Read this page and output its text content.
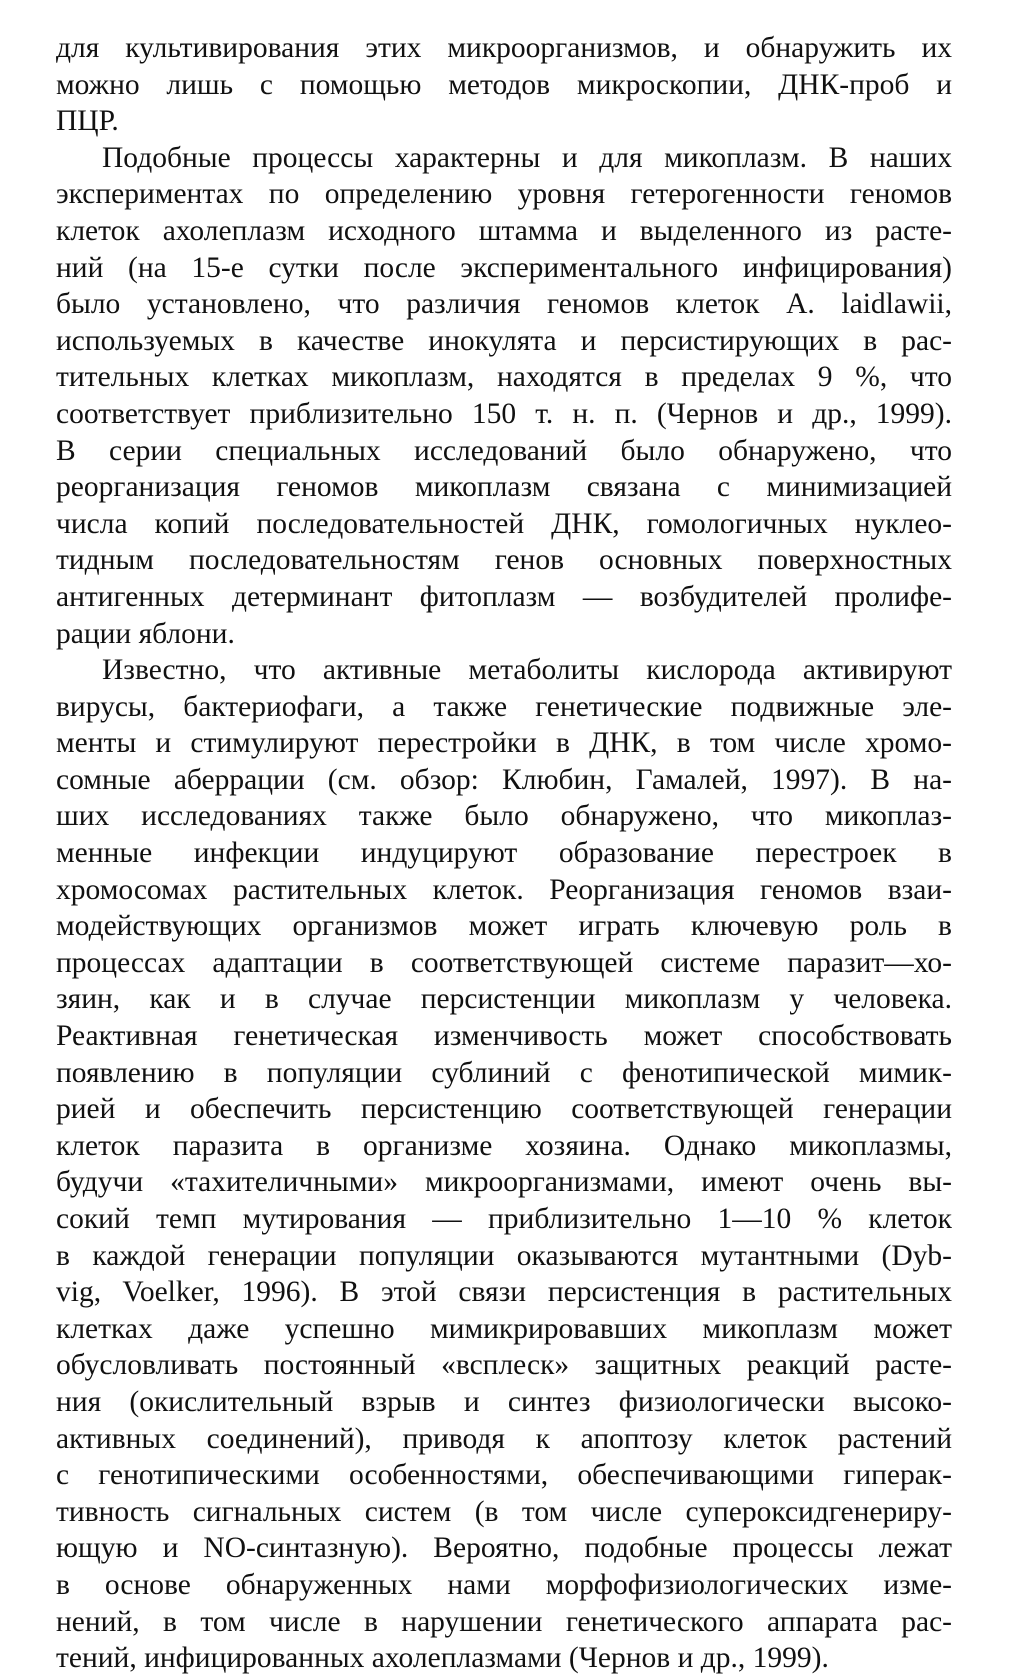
для культивирования этих микроорганизмов, и обнаружить их
можно лишь с помощью методов микроскопии, ДНК-проб и
ПЦР.
Подобные процессы характерны и для микоплазм. В наших
экспериментах по определению уровня гетерогенности геномов
клеток ахолеплазм исходного штамма и выделенного из расте-
ний (на 15-е сутки после экспериментального инфицирования)
было установлено, что различия геномов клеток A. laidlawii,
используемых в качестве инокулята и персистирующих в рас-
тительных клетках микоплазм, находятся в пределах 9 %, что
соответствует приблизительно 150 т. н. п. (Чернов и др., 1999).
В серии специальных исследований было обнаружено, что
реорганизация геномов микоплазм связана с минимизацией
числа копий последовательностей ДНК, гомологичных нуклео-
тидным последовательностям генов основных поверхностных
антигенных детерминант фитоплазм — возбудителей пролифе-
рации яблони.
Известно, что активные метаболиты кислорода активируют
вирусы, бактериофаги, а также генетические подвижные эле-
менты и стимулируют перестройки в ДНК, в том числе хромо-
сомные аберрации (см. обзор: Клюбин, Гамалей, 1997). В на-
ших исследованиях также было обнаружено, что микоплаз-
менные инфекции индуцируют образование перестроек в
хромосомах растительных клеток. Реорганизация геномов взаи-
модействующих организмов может играть ключевую роль в
процессах адаптации в соответствующей системе паразит—хо-
зяин, как и в случае персистенции микоплазм у человека.
Реактивная генетическая изменчивость может способствовать
появлению в популяции сублиний с фенотипической мимик-
рией и обеспечить персистенцию соответствующей генерации
клеток паразита в организме хозяина. Однако микоплазмы,
будучи «тахителичными» микроорганизмами, имеют очень вы-
сокий темп мутирования — приблизительно 1—10 % клеток
в каждой генерации популяции оказываются мутантными (Dyb-
vig, Voelker, 1996). В этой связи персистенция в растительных
клетках даже успешно мимикрировавших микоплазм может
обусловливать постоянный «всплеск» защитных реакций расте-
ния (окислительный взрыв и синтез физиологически высоко-
активных соединений), приводя к апоптозу клеток растений
с генотипическими особенностями, обеспечивающими гиперак-
тивность сигнальных систем (в том числе супероксидгенериру-
ющую и NO-синтазную). Вероятно, подобные процессы лежат
в основе обнаруженных нами морфофизиологических изме-
нений, в том числе в нарушении генетического аппарата рас-
тений, инфицированных ахолеплазмами (Чернов и др., 1999).
